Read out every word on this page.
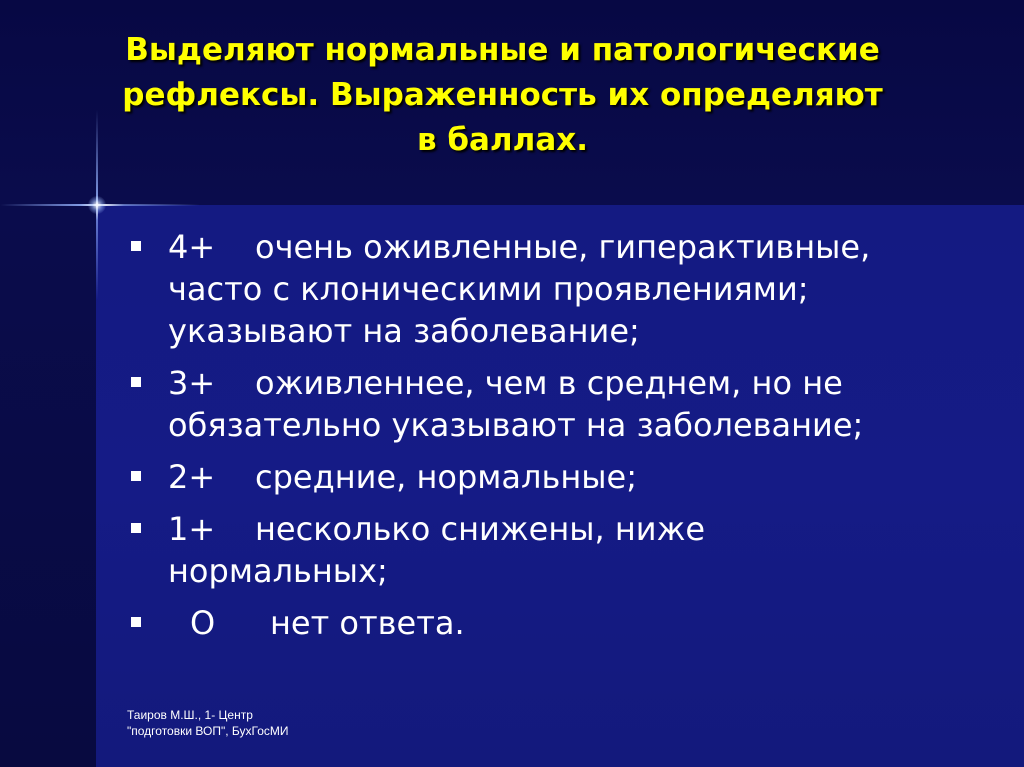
Выделяют нормальные и патологические
рефлексы. Выраженность их определяют
в баллах.
4+ очень оживленные, гиперактивные,
часто с клоническими проявлениями;
указывают на заболевание;
3+ оживленнее, чем в среднем, но не
обязательно указывают на заболевание;
2+ средние, нормальные;
1+ несколько снижены, ниже
нормальных;
О нет ответа.

Таиров М.Ш., 1- Центр
"подготовки ВОП", БухГосМИ
